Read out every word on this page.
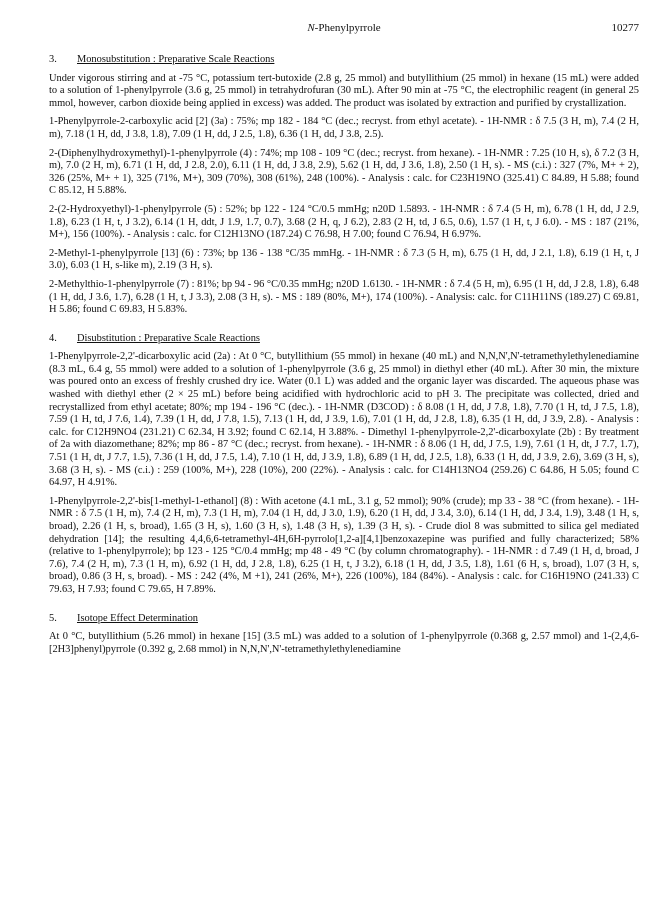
N-Phenylpyrrole	10277
3. Monosubstitution : Preparative Scale Reactions

Under vigorous stirring and at -75 °C, potassium tert-butoxide (2.8 g, 25 mmol) and butyllithium (25 mmol) in hexane (15 mL) were added to a solution of 1-phenylpyrrole (3.6 g, 25 mmol) in tetrahydrofuran (30 mL). After 90 min at -75 °C, the electrophilic reagent (in general 25 mmol, however, carbon dioxide being applied in excess) was added. The product was isolated by extraction and purified by crystallization.

1-Phenylpyrrole-2-carboxylic acid [2] (3a) : 75%; mp 182 - 184 °C (dec.; recryst. from ethyl acetate). - 1H-NMR : δ 7.5 (3 H, m), 7.4 (2 H, m), 7.18 (1 H, dd, J 3.8, 1.8), 7.09 (1 H, dd, J 2.5, 1.8), 6.36 (1 H, dd, J 3.8, 2.5).

2-(Diphenylhydroxymethyl)-1-phenylpyrrole (4) : 74%; mp 108 - 109 °C (dec.; recryst. from hexane). - 1H-NMR : 7.25 (10 H, s), δ 7.2 (3 H, m), 7.0 (2 H, m), 6.71 (1 H, dd, J 2.8, 2.0), 6.11 (1 H, dd, J 3.8, 2.9), 5.62 (1 H, dd, J 3.6, 1.8), 2.50 (1 H, s). - MS (c.i.) : 327 (7%, M+ + 2), 326 (25%, M+ + 1), 325 (71%, M+), 309 (70%), 308 (61%), 248 (100%). - Analysis : calc. for C23H19NO (325.41) C 84.89, H 5.88; found C 85.12, H 5.88%.

2-(2-Hydroxyethyl)-1-phenylpyrrole (5) : 52%; bp 122 - 124 °C/0.5 mmHg; n20D 1.5893. - 1H-NMR : δ 7.4 (5 H, m), 6.78 (1 H, dd, J 2.9, 1.8), 6.23 (1 H, t, J 3.2), 6.14 (1 H, ddt, J 1.9, 1.7, 0.7), 3.68 (2 H, q, J 6.2), 2.83 (2 H, td, J 6.5, 0.6), 1.57 (1 H, t, J 6.0). - MS : 187 (21%, M+), 156 (100%). - Analysis : calc. for C12H13NO (187.24) C 76.98, H 7.00; found C 76.94, H 6.97%.

2-Methyl-1-phenylpyrrole [13] (6) : 73%; bp 136 - 138 °C/35 mmHg. - 1H-NMR : δ 7.3 (5 H, m), 6.75 (1 H, dd, J 2.1, 1.8), 6.19 (1 H, t, J 3.0), 6.03 (1 H, s-like m), 2.19 (3 H, s).

2-Methylthio-1-phenylpyrrole (7) : 81%; bp 94 - 96 °C/0.35 mmHg; n20D 1.6130. - 1H-NMR : δ 7.4 (5 H, m), 6.95 (1 H, dd, J 2.8, 1.8), 6.48 (1 H, dd, J 3.6, 1.7), 6.28 (1 H, t, J 3.3), 2.08 (3 H, s). - MS : 189 (80%, M+), 174 (100%). - Analysis: calc. for C11H11NS (189.27) C 69.81, H 5.86; found C 69.83, H 5.83%.

4. Disubstitution : Preparative Scale Reactions

1-Phenylpyrrole-2,2'-dicarboxylic acid (2a) : At 0 °C, butyllithium (55 mmol) in hexane (40 mL) and N,N,N',N'-tetramethylethylenediamine (8.3 mL, 6.4 g, 55 mmol) were added to a solution of 1-phenylpyrrole (3.6 g, 25 mmol) in diethyl ether (40 mL). After 30 min, the mixture was poured onto an excess of freshly crushed dry ice. Water (0.1 L) was added and the organic layer was discarded. The aqueous phase was washed with diethyl ether (2 × 25 mL) before being acidified with hydrochloric acid to pH 3. The precipitate was collected, dried and recrystallized from ethyl acetate; 80%; mp 194 - 196 °C (dec.). - 1H-NMR (D3COD) : δ 8.08 (1 H, dd, J 7.8, 1.8), 7.70 (1 H, td, J 7.5, 1.8), 7.59 (1 H, td, J 7.6, 1.4), 7.39 (1 H, dd, J 7.8, 1.5), 7.13 (1 H, dd, J 3.9, 1.6), 7.01 (1 H, dd, J 2.8, 1.8), 6.35 (1 H, dd, J 3.9, 2.8). - Analysis : calc. for C12H9NO4 (231.21) C 62.34, H 3.92; found C 62.14, H 3.88%. - Dimethyl 1-phenylpyrrole-2,2'-dicarboxylate (2b) : By treatment of 2a with diazomethane; 82%; mp 86 - 87 °C (dec.; recryst. from hexane). - 1H-NMR : δ 8.06 (1 H, dd, J 7.5, 1.9), 7.61 (1 H, dt, J 7.7, 1.7), 7.51 (1 H, dt, J 7.7, 1.5), 7.36 (1 H, dd, J 7.5, 1.4), 7.10 (1 H, dd, J 3.9, 1.8), 6.89 (1 H, dd, J 2.5, 1.8), 6.33 (1 H, dd, J 3.9, 2.6), 3.69 (3 H, s), 3.68 (3 H, s). - MS (c.i.) : 259 (100%, M+), 228 (10%), 200 (22%). - Analysis : calc. for C14H13NO4 (259.26) C 64.86, H 5.05; found C 64.97, H 4.91%.

1-Phenylpyrrole-2,2'-bis[1-methyl-1-ethanol] (8) : With acetone (4.1 mL, 3.1 g, 52 mmol); 90% (crude); mp 33 - 38 °C (from hexane). - 1H-NMR : δ 7.5 (1 H, m), 7.4 (2 H, m), 7.3 (1 H, m), 7.04 (1 H, dd, J 3.0, 1.9), 6.20 (1 H, dd, J 3.4, 3.0), 6.14 (1 H, dd, J 3.4, 1.9), 3.48 (1 H, s, broad), 2.26 (1 H, s, broad), 1.65 (3 H, s), 1.60 (3 H, s), 1.48 (3 H, s), 1.39 (3 H, s). - Crude diol 8 was submitted to silica gel mediated dehydration [14]; the resulting 4,4,6,6-tetramethyl-4H,6H-pyrrolo[1,2-a][4,1]benzoxazepine was purified and fully characterized; 58% (relative to 1-phenylpyrrole); bp 123 - 125 °C/0.4 mmHg; mp 48 - 49 °C (by column chromatography). - 1H-NMR : d 7.49 (1 H, d, broad, J 7.6), 7.4 (2 H, m), 7.3 (1 H, m), 6.92 (1 H, dd, J 2.8, 1.8), 6.25 (1 H, t, J 3.2), 6.18 (1 H, dd, J 3.5, 1.8), 1.61 (6 H, s, broad), 1.07 (3 H, s, broad), 0.86 (3 H, s, broad). - MS : 242 (4%, M +1), 241 (26%, M+), 226 (100%), 184 (84%). - Analysis : calc. for C16H19NO (241.33) C 79.63, H 7.93; found C 79.65, H 7.89%.

5. Isotope Effect Determination

At 0 °C, butyllithium (5.26 mmol) in hexane [15] (3.5 mL) was added to a solution of 1-phenylpyrrole (0.368 g, 2.57 mmol) and 1-(2,4,6-[2H3]phenyl)pyrrole (0.392 g, 2.68 mmol) in N,N,N',N'-tetramethylethylenediamine
